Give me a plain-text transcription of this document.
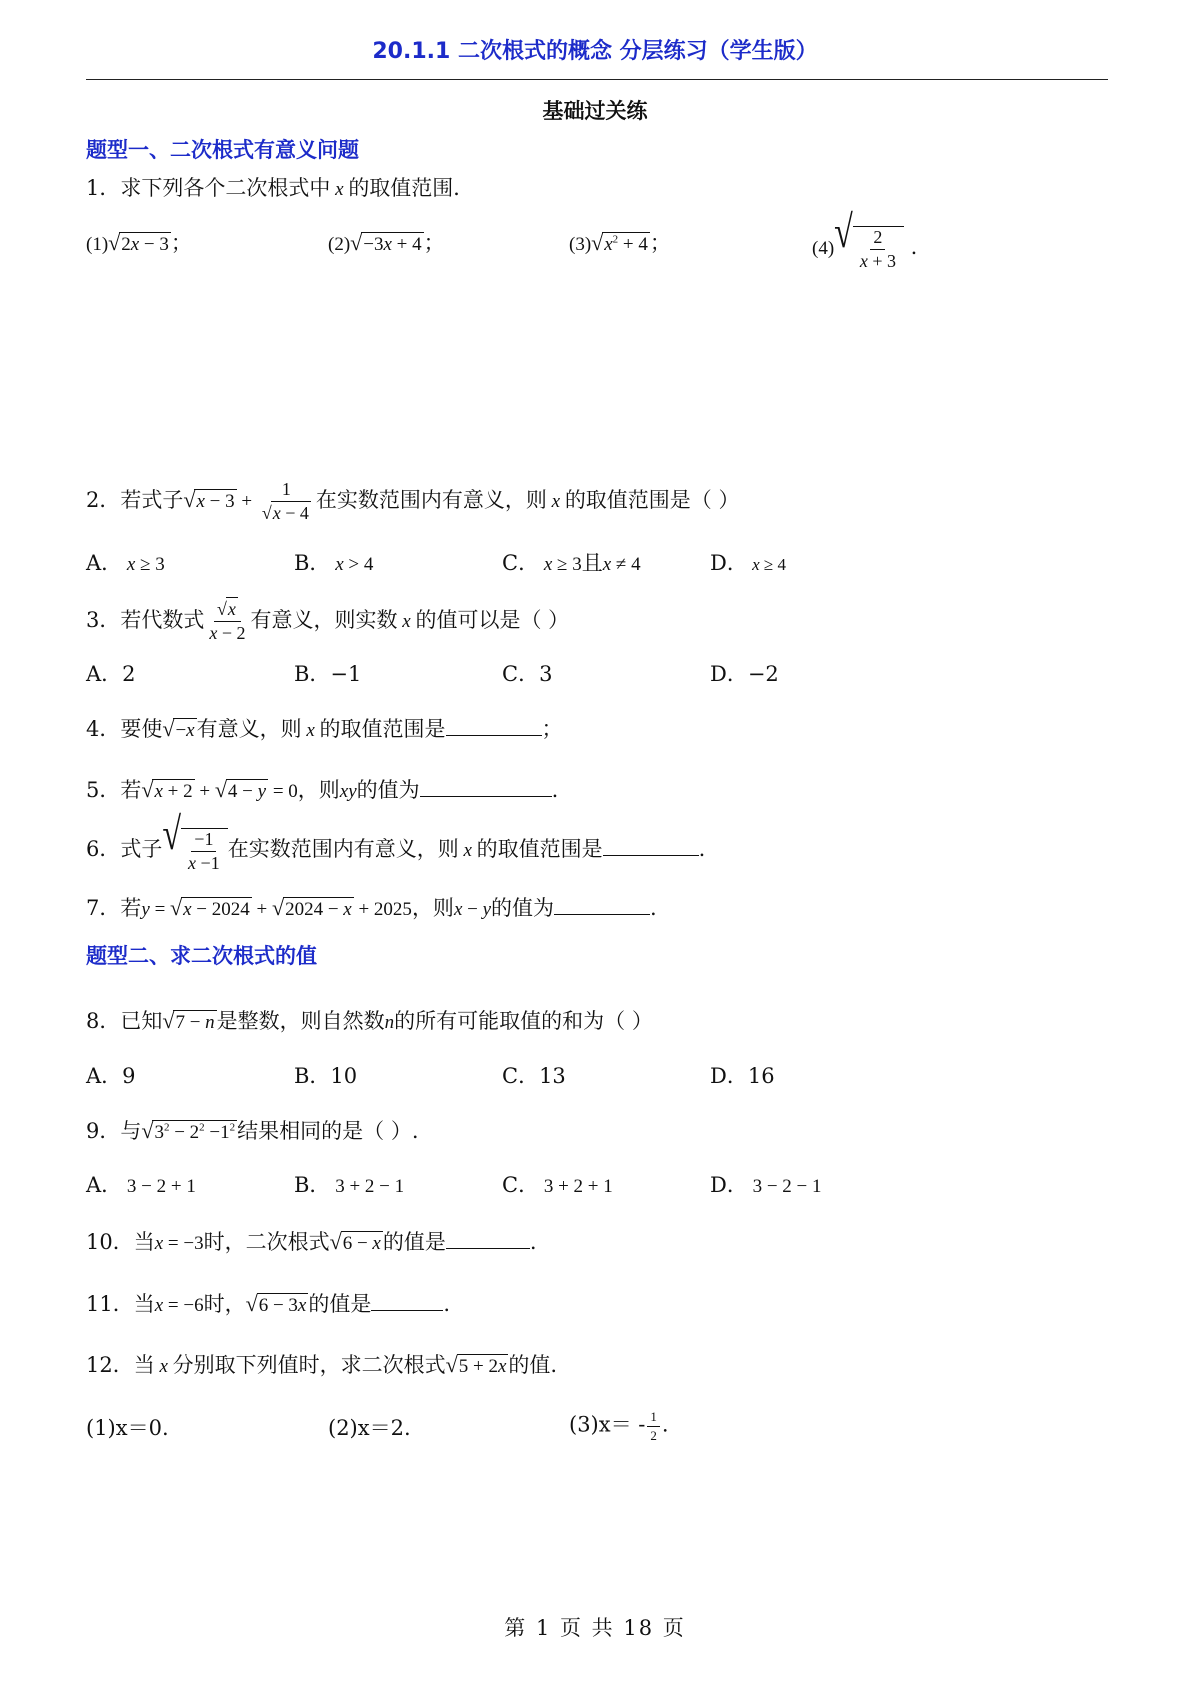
20.1.1 二次根式的概念 分层练习（学生版）
基础过关练
题型一、二次根式有意义问题
1．求下列各个二次根式中 x 的取值范围．
(1)√2x − 3；	(2)√−3x + 4；	$(3)√x^2 + 4$；	(4) √ $\frac{2}{x + 3}$ .
2．若式子$√x - 3 + \frac{1}{√x - 4}$ 在实数范围内有意义，则 x 的取值范围是（ ）
A． x ≥ 3	B． x > 4	C． x ≥ 3且x ≠ 4	D． x ≥ 4
3．若代数式 $\frac{√x}{x - 2}$ 有意义，则实数 x 的值可以是（ ）
A．2	B．−1	C．3	D．−2
4．要使√−x有意义，则 x 的取值范围是	；
5．若√x + 2 + √4 − y = 0，则xy的值为	.
6．式子 √ $\frac{-1}{x -1}$ 在实数范围内有意义，则 x 的取值范围是	.
7．若y = √x − 2024 + √2024 − x + 2025，则x − y的值为	.
题型二、求二次根式的值
8．已知√7 − n是整数，则自然数n的所有可能取值的和为（ ）
A．9	B．10	C．13	D．16
9．与$√3^2 - 2^2 -1^2$结果相同的是（ ）.
A． 3 − 2 + 1	B． 3 + 2 − 1	C． 3 + 2 + 1	D． 3 − 2 − 1
10．当x = −3时，二次根式√6 − x的值是	.
11．当x = −6时，√6 − 3x的值是	.
12．当 x 分别取下列值时，求二次根式√5 + 2x的值.
(1)x＝0.	(2)x＝2.	$(3)x= - \frac{1}{2}$ .
第 1 页 共 18 页
